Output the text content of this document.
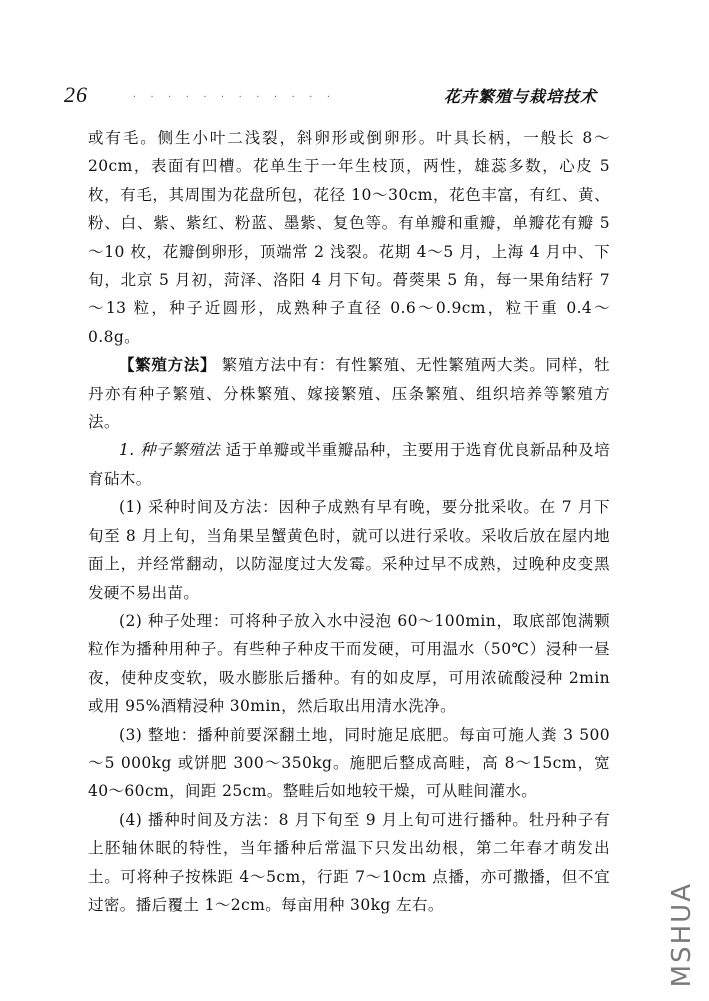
26	. . . . . . . . . . . .	花卉繁殖与栽培技术

或有毛。侧生小叶二浅裂，斜卵形或倒卵形。叶具长柄，一般长 8～20cm，表面有凹槽。花单生于一年生枝顶，两性，雄蕊多数，心皮 5 枚，有毛，其周围为花盘所包，花径 10～30cm，花色丰富，有红、黄、粉、白、紫、紫红、粉蓝、墨紫、复色等。有单瓣和重瓣，单瓣花有瓣 5～10 枚，花瓣倒卵形，顶端常 2 浅裂。花期 4～5 月，上海 4 月中、下旬，北京 5 月初，菏泽、洛阳 4 月下旬。蓇葖果 5 角，每一果角结籽 7～13 粒，种子近圆形，成熟种子直径 0.6～0.9cm，粒干重 0.4～0.8g。

【繁殖方法】 繁殖方法中有：有性繁殖、无性繁殖两大类。同样，牡丹亦有种子繁殖、分株繁殖、嫁接繁殖、压条繁殖、组织培养等繁殖方法。

1. 种子繁殖法 适于单瓣或半重瓣品种，主要用于选育优良新品种及培育砧木。

(1) 采种时间及方法：因种子成熟有早有晚，要分批采收。在 7 月下旬至 8 月上旬，当角果呈蟹黄色时，就可以进行采收。采收后放在屋内地面上，并经常翻动，以防湿度过大发霉。采种过早不成熟，过晚种皮变黑发硬不易出苗。

(2) 种子处理：可将种子放入水中浸泡 60～100min，取底部饱满颗粒作为播种用种子。有些种子种皮干而发硬，可用温水（50℃）浸种一昼夜，使种皮变软，吸水膨胀后播种。有的如皮厚，可用浓硫酸浸种 2min 或用 95%酒精浸种 30min，然后取出用清水洗净。

(3) 整地：播种前要深翻土地，同时施足底肥。每亩可施人粪 3 500～5 000kg 或饼肥 300～350kg。施肥后整成高畦，高 8～15cm，宽 40～60cm，间距 25cm。整畦后如地较干燥，可从畦间灌水。

(4) 播种时间及方法：8 月下旬至 9 月上旬可进行播种。牡丹种子有上胚轴休眠的特性，当年播种后常温下只发出幼根，第二年春才萌发出土。可将种子按株距 4～5cm，行距 7～10cm 点播，亦可撒播，但不宜过密。播后覆土 1～2cm。每亩用种 30kg 左右。	MSHUA
